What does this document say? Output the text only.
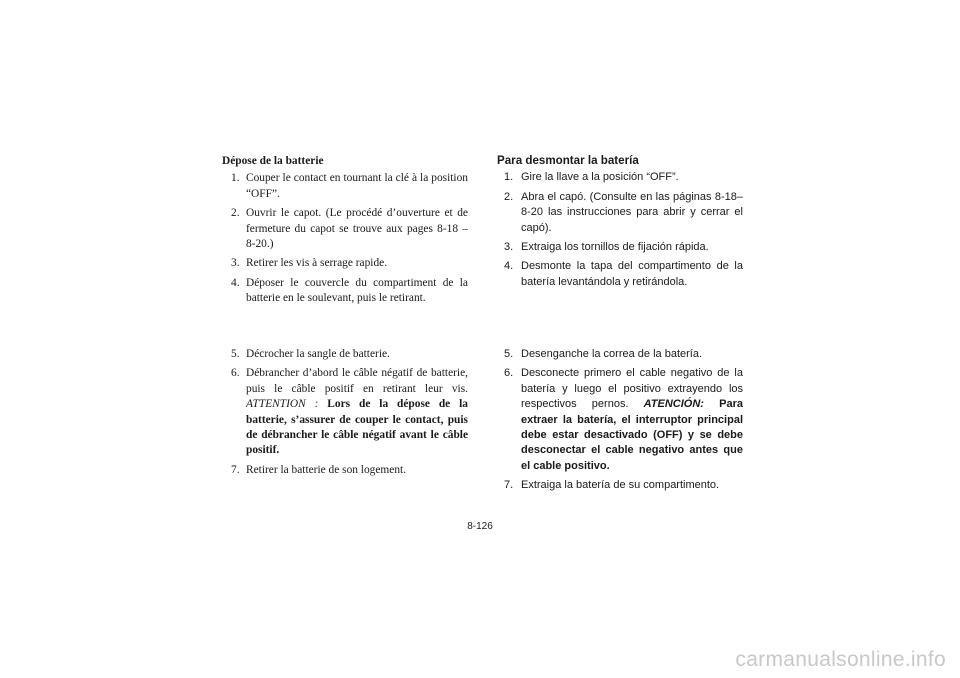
Dépose de la batterie
1. Couper le contact en tournant la clé à la position “OFF”.
2. Ouvrir le capot. (Le procédé d’ouverture et de fermeture du capot se trouve aux pages 8-18 – 8-20.)
3. Retirer les vis à serrage rapide.
4. Déposer le couvercle du compartiment de la batterie en le soulevant, puis le retirant.
5. Décrocher la sangle de batterie.
6. Débrancher d’abord le câble négatif de batterie, puis le câble positif en retirant leur vis. ATTENTION : Lors de la dépose de la batterie, s’assurer de couper le contact, puis de débrancher le câble négatif avant le câble positif.
7. Retirer la batterie de son logement.
Para desmontar la batería
1. Gire la llave a la posición “OFF”.
2. Abra el capó. (Consulte en las páginas 8-18– 8-20 las instrucciones para abrir y cerrar el capó).
3. Extraiga los tornillos de fijación rápida.
4. Desmonte la tapa del compartimento de la batería levantándola y retirándola.
5. Desenganche la correa de la batería.
6. Desconecte primero el cable negativo de la batería y luego el positivo extrayendo los respectivos pernos. ATENCIÓN: Para extraer la batería, el interruptor principal debe estar desactivado (OFF) y se debe desconectar el cable negativo antes que el cable positivo.
7. Extraiga la batería de su compartimento.
8-126
carmanualsonline.info
